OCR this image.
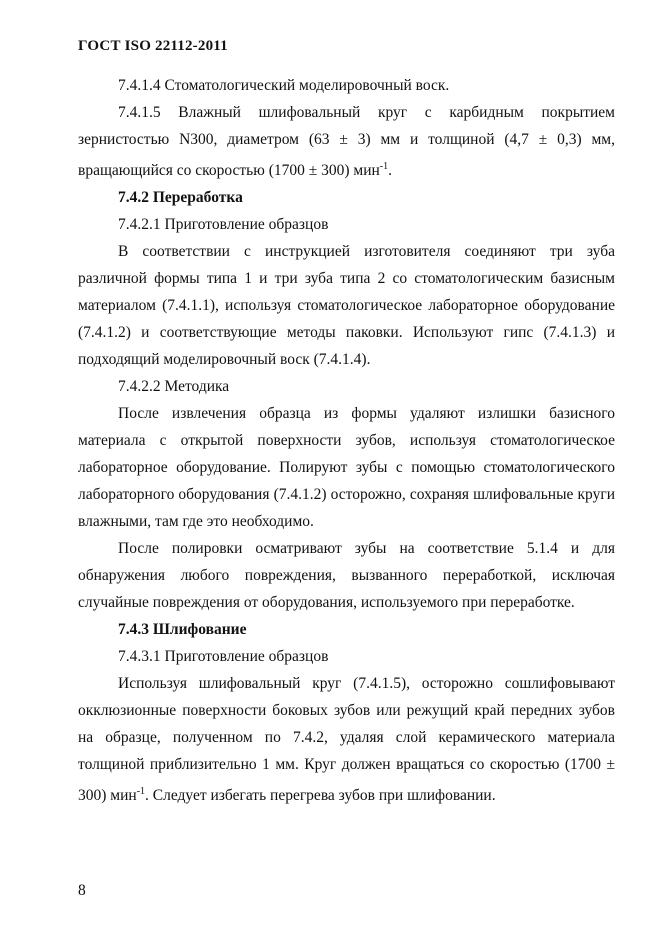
ГОСТ ISO 22112-2011

7.4.1.4 Стоматологический моделировочный воск.

7.4.1.5 Влажный шлифовальный круг с карбидным покрытием зернистостью N300, диаметром (63 ± 3) мм и толщиной (4,7 ± 0,3) мм, вращающийся со скоростью (1700 ± 300) мин$^{-1}$.

7.4.2 Переработка

7.4.2.1 Приготовление образцов

В соответствии с инструкцией изготовителя соединяют три зуба различной формы типа 1 и три зуба типа 2 со стоматологическим базисным материалом (7.4.1.1), используя стоматологическое лабораторное оборудование (7.4.1.2) и соответствующие методы паковки. Используют гипс (7.4.1.3) и подходящий моделировочный воск (7.4.1.4).

7.4.2.2 Методика

После извлечения образца из формы удаляют излишки базисного материала с открытой поверхности зубов, используя стоматологическое лабораторное оборудование. Полируют зубы с помощью стоматологического лабораторного оборудования (7.4.1.2) осторожно, сохраняя шлифовальные круги влажными, там где это необходимо.

После полировки осматривают зубы на соответствие 5.1.4 и для обнаружения любого повреждения, вызванного переработкой, исключая случайные повреждения от оборудования, используемого при переработке.

7.4.3 Шлифование

7.4.3.1 Приготовление образцов

Используя шлифовальный круг (7.4.1.5), осторожно сошлифовывают окклюзионные поверхности боковых зубов или режущий край передних зубов на образце, полученном по 7.4.2, удаляя слой керамического материала толщиной приблизительно 1 мм. Круг должен вращаться со скоростью (1700 ± 300) мин$^{-1}$. Следует избегать перегрева зубов при шлифовании.

8
